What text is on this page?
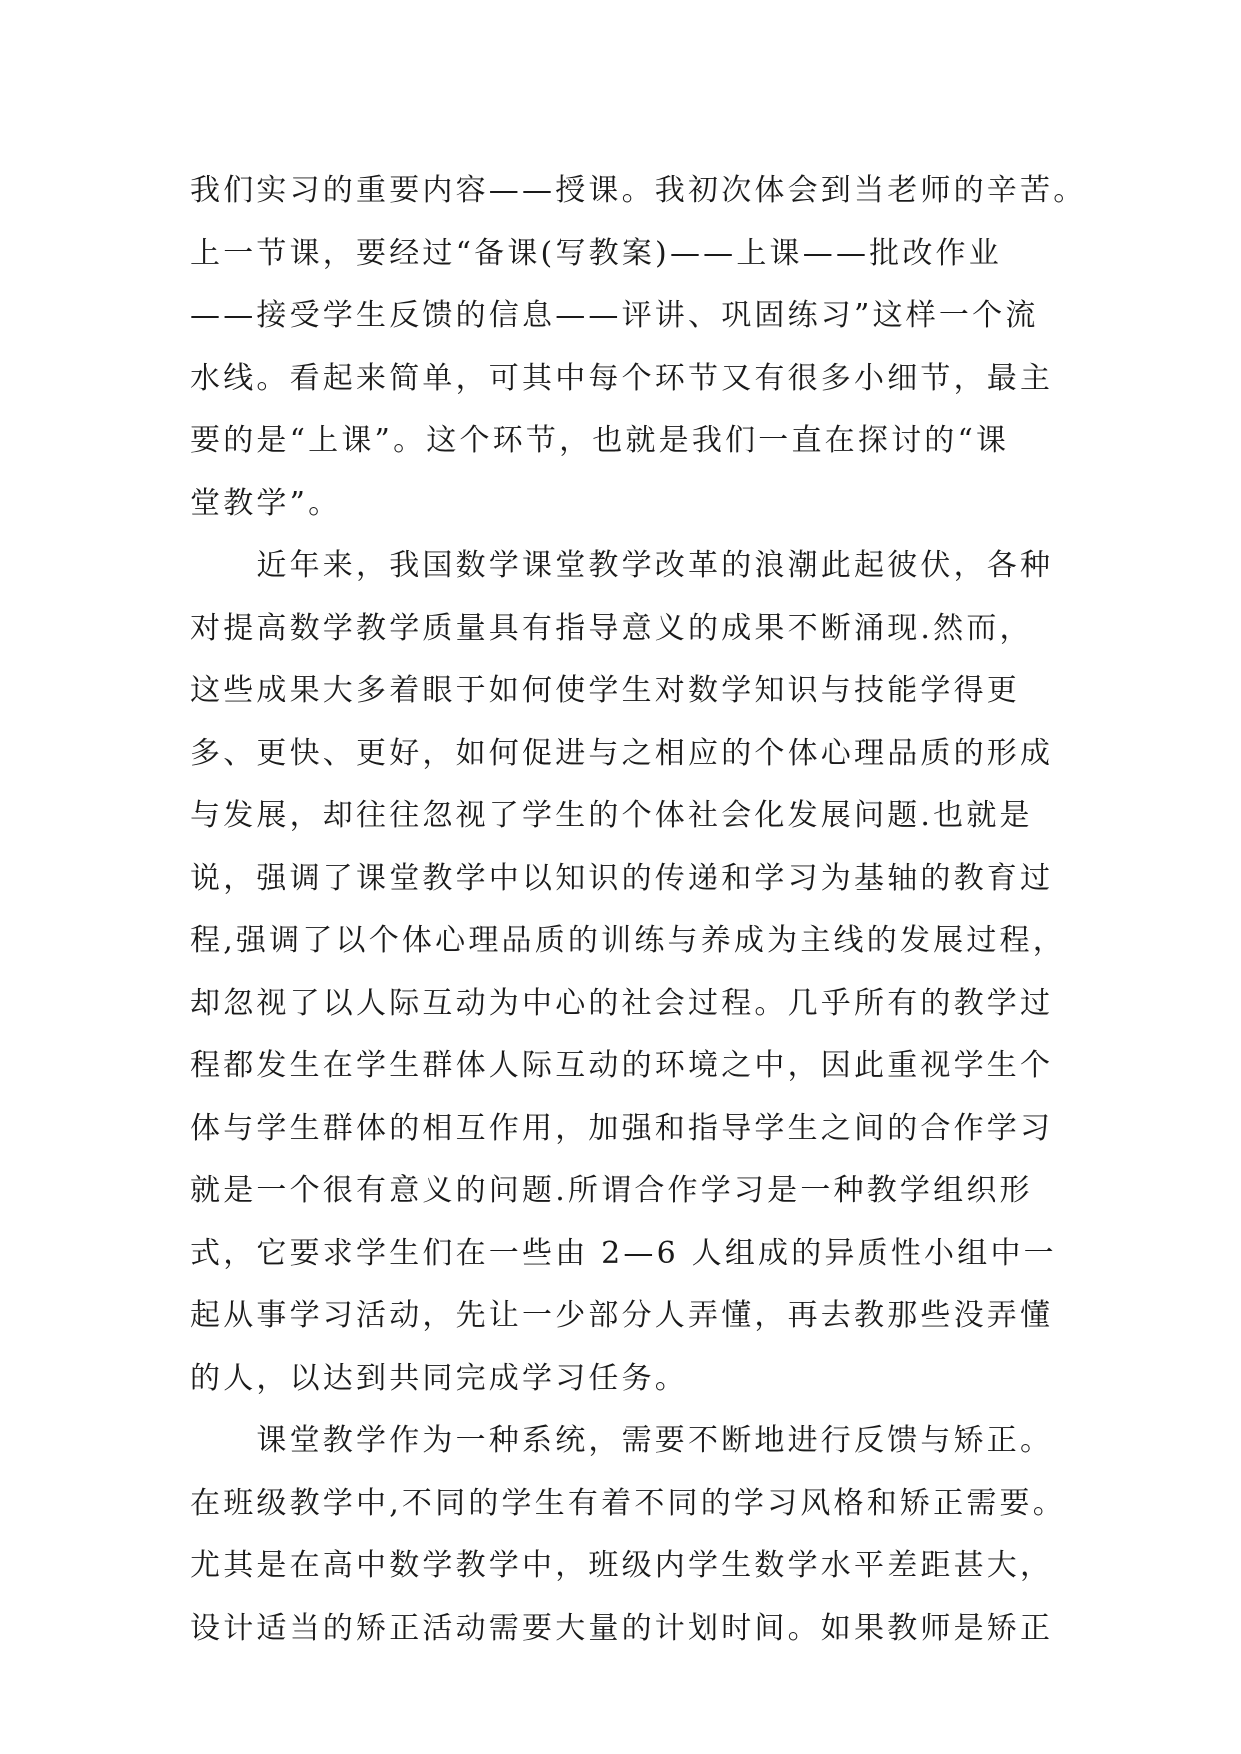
我们实习的重要内容——授课。我初次体会到当老师的辛苦。
上一节课，要经过“备课(写教案)——上课——批改作业
——接受学生反馈的信息——评讲、巩固练习”这样一个流
水线。看起来简单，可其中每个环节又有很多小细节，最主
要的是“上课”。这个环节，也就是我们一直在探讨的“课
堂教学”。
　　近年来，我国数学课堂教学改革的浪潮此起彼伏，各种
对提高数学教学质量具有指导意义的成果不断涌现.然而，
这些成果大多着眼于如何使学生对数学知识与技能学得更
多、更快、更好，如何促进与之相应的个体心理品质的形成
与发展，却往往忽视了学生的个体社会化发展问题.也就是
说，强调了课堂教学中以知识的传递和学习为基轴的教育过
程,强调了以个体心理品质的训练与养成为主线的发展过程，
却忽视了以人际互动为中心的社会过程。几乎所有的教学过
程都发生在学生群体人际互动的环境之中，因此重视学生个
体与学生群体的相互作用，加强和指导学生之间的合作学习
就是一个很有意义的问题.所谓合作学习是一种教学组织形
式，它要求学生们在一些由 2—6 人组成的异质性小组中一
起从事学习活动，先让一少部分人弄懂，再去教那些没弄懂
的人，以达到共同完成学习任务。
　　课堂教学作为一种系统，需要不断地进行反馈与矫正。
在班级教学中,不同的学生有着不同的学习风格和矫正需要。
尤其是在高中数学教学中，班级内学生数学水平差距甚大，
设计适当的矫正活动需要大量的计划时间。如果教师是矫正
